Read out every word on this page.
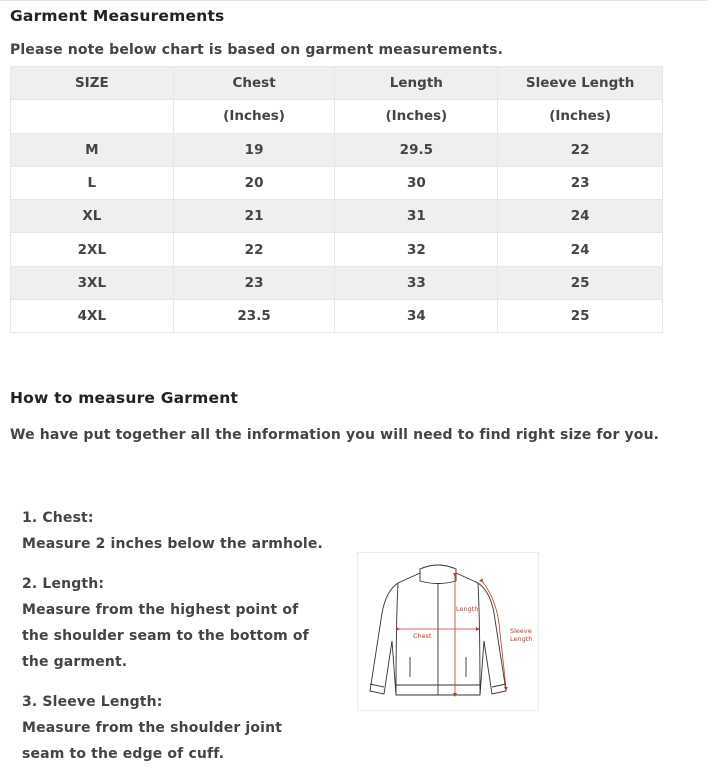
Garment Measurements
Please note below chart is based on garment measurements.
SIZE	Chest	Length	Sleeve Length
	(Inches)	(Inches)	(Inches)
M	19	29.5	22
L	20	30	23
XL	21	31	24
2XL	22	32	24
3XL	23	33	25
4XL	23.5	34	25
How to measure Garment
We have put together all the information you will need to find right size for you.
1. Chest:
Measure 2 inches below the armhole.
2. Length:
Measure from the highest point of
the shoulder seam to the bottom of
the garment.
3. Sleeve Length:
Measure from the shoulder joint
seam to the edge of cuff.
Chest
Length
Sleeve
Length
